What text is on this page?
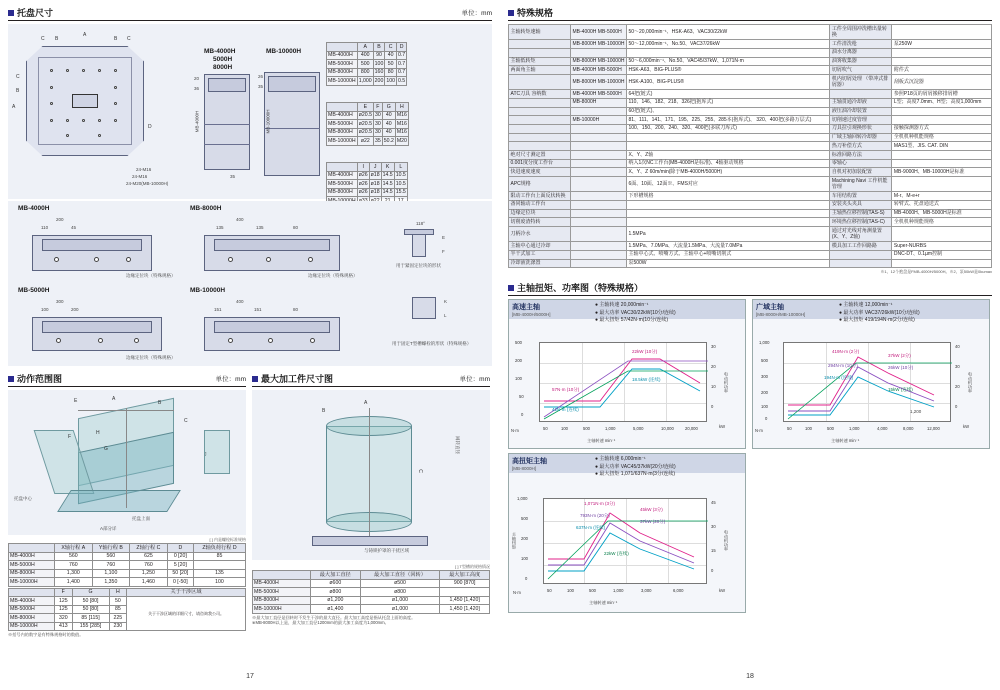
托盘尺寸	单位：mm
C B
A
B C
C
B
A
D
24-M16
24-M20(MB-10000H)
24-M16
MB-4000H
5000H
8000H
MB-10000H
MB-4000H	MB-10000H
20
36
26
35
35
	A	B	C	D
MB-4000H	400	90	40	0.7
MB-5000H	500	100	50	0.7
MB-8000H	800	160	80	0.7
MB-10000H	1,000	200	100	0.5
	E	F	G	H
MB-4000H	ø20.5	30	40	M16
MB-5000H	ø20.5	30	40	M16
MB-8000H	ø20.5	30	40	M16
MB-10000H	ø22	35	50.2	M20
	I	J	K	L
MB-4000H	ø26	ø18	14.5	10.5
MB-5000H	ø26	ø18	14.5	10.5
MB-8000H	ø26	ø18	14.5	15.5

MB-4000H	MB-8000H
MB-5000H	MB-10000H
200
110	45
400
135	135	80
300
100	200
400
151	151	80
边缘定位块（特殊规格）
边缘定位块（特殊规格）
边缘定位块（特殊规格）
118°
E
F
用于紧固定位块的形状
K
L
用于固定T型槽螺栓的形状（特殊规格）
动作范围图	单位：mm
E	A
B
C
F
G
H
J
托盘中心
托盘上面
A部分详
[ ] 内是螺栓标准规格
	X轴行程 A	Y轴行程 B	Z轴行程 C	D	Z轴负荷行程 D
MB-4000H	560	560	625	0 [20]	85
MB-5000H	760	760	760	5 [20]	
MB-8000H	1,300	1,100	1,250	50 [20]	135
MB-10000H	1,400	1,350	1,460	0 [-50]	100
	F	G	H	关于干涉区域
MB-4000H	125	50 [80]	50	关于干涉区域的详细尺寸，请咨询我公司。
MB-5000H	125	50 [80]	85	
MB-8000H	320	85 [115]	225	
MB-10000H	413	155 [285]	230	
※括号内的数字是有特殊规格时的数值。
最大加工件尺寸图	单位：mm
A
B
C
与铸锁护罩的干扰区域
回转直径
[ ] T型槽的规格情况
	最大加工直径	最大加工直径（回转）	最大加工高度
MB-4000H	ø600	ø500	900 [870]
MB-5000H	ø800	ø800	
MB-8000H	ø1,200	ø1,000	1,450 [1,420]
MB-10000H	ø1,400	ø1,000	1,450 [1,420]
※最大加工直径是回转时不发生干涉的最大直径。最大加工高度是指从托盘上面的高度。
※MB-8000H以上是，最大加工直径1200mm的最大加工高度为1,000mm。
17
特殊规格
主轴转矩速轴	MB-4000H MB-5000H	50～20,000min⁻¹、HSK-A63、VAC30/22kW	工件全周围冲洗槽出量转换	
	MB-8000H MB-10000H	50～12,000min⁻¹、No.50、VAC37/26kW	工件清洗枪	泵250W
			油水分离器	
主轴低转矩	MB-8000H MB-10000H	50～6,000min⁻¹、No.50、VAC45/37kW、1,071N·m	油雾收集器	
两面角主轴	MB-4000H MB-5000H	HSK-A63、BIG-PLUS®	切屑吹气	附件式
	MB-8000H MB-10000H	HSK-A100、BIG-PLUS®	机内切屑处理 （带冲式排屑器）	刮板式沉淀器
ATC刀具 容纳数	MB-4000H MB-5000H	64把(链式)		参照P18页的屑屑搬移排屑槽
	MB-8000H	110、146、182、218、326把(抱库式)	主轴贯通冷却液	L型；高度7.0mm、H型；高度1,000mm
		60把(链式)、	液压油冷却装置	
	MB-10000H	81、111、141、171、195、225、255、285本(抱库式)、 320、400把(多路万层式)	切削速过度管理	
		100、150、200、240、320、400把(多联刀库式)	刀具拉引观换形状	接触探测器方式
			广域主轴回转冷却器	全机机种机能规格
			热刀补偿方式	MAS1型、JIS. CAT. DIN
绝对尺寸测定置		X、Y、Z轴	标准回路方法	
0.001度分度工作台		纳入1次NC工作台(MB-4000H是标准)、4轴驱动规格	零轴心	
快进速度速度		X、Y、Z 60m/min(除于MB-4000H/5000H)	自机对初加装配置	MB-9000H、MB-10000H是标准
APC规格		6面、10面、12面※、FMS对应	Machining Navi 工作机能管理	
限动工作台上面反状转换		下形槽规格	车用结构置	M-r、M-e+r
备同轴动工作台			安装夹头夹具	转臂式、托盘通送式
边缘定位块			主轴热位移控制(TAS-S)	MB-4000H、MB-5000H是标准
切削废渣特转			环境热位移控制(TAS-C)	全机机种规能规格
刀柄冷水		1.5MPa	通过对光线对角测量置(X、Y、Z轴)	
主轴中心通过冷却		1.5MPa、7.0MPa、大流量1.5MPa、大流量7.0MPa	模具加工工作回路路	Super-NURBS
半干式加工		主轴中心式、喷嘴方式、主轴中心+喷嘴切削式		DNC-DT、0.1µm控制
冷却液洗涤置		泵500W		
※1、12个抱盘是FMB-4000H/5000H。※2、泵50kW是0kumax
主轴扭矩、功率图（特殊规格）
高速主轴
[MB-4000H/5000H]
● 主轴转速 20,000min⁻¹
● 最大功率 VAC30/22kW(10分/连续)
● 最大扭矩 57/42N·m(10分/连续)
57N·m (10分)
42N·m (连续)
22kW (10分)
18.5kW (连续)
500
200
100
50
0
N·m
30
20
10
0
电动机功率
kW
50	100	500	1,000	5,000	10,000	20,000
主轴转速 min⁻¹
广域主轴
[MB-8000H/MB-10000H]
● 主轴转速 12,000min⁻¹
● 最大功率 VAC37/26kW(10分/连续)
● 最大扭矩 419/194N·m(2分/连续)
419N·m (2分)
294N·m (10分)
194N·m (连续)
37kW (2分)
26kW (10分)
15kW (连续)
1,200
1,000
500
300
200
100
0
N·m
40
30
20
0
电动机功率
kW
50	100	500	1,000	4,000	8,000	12,000
主轴转速 min⁻¹
高扭矩主轴
[MB-8000H]
● 主轴转速 6,000min⁻¹
● 最大功率 VAC45/37kW(20分/连续)
● 最大扭矩 1,071/637N·m(3分/连续)
1,071N·m (3分)
793N·m (20分)
637N·m (连续)
45kW (3分)
37kW (20分)
22kW (连续)
1,000
500
200
100
0
主轴扭矩
N·m
45
30
15
0
电动机功率
kW
50	100	500	1,000	3,000	6,000
主轴转速 min⁻¹
18
